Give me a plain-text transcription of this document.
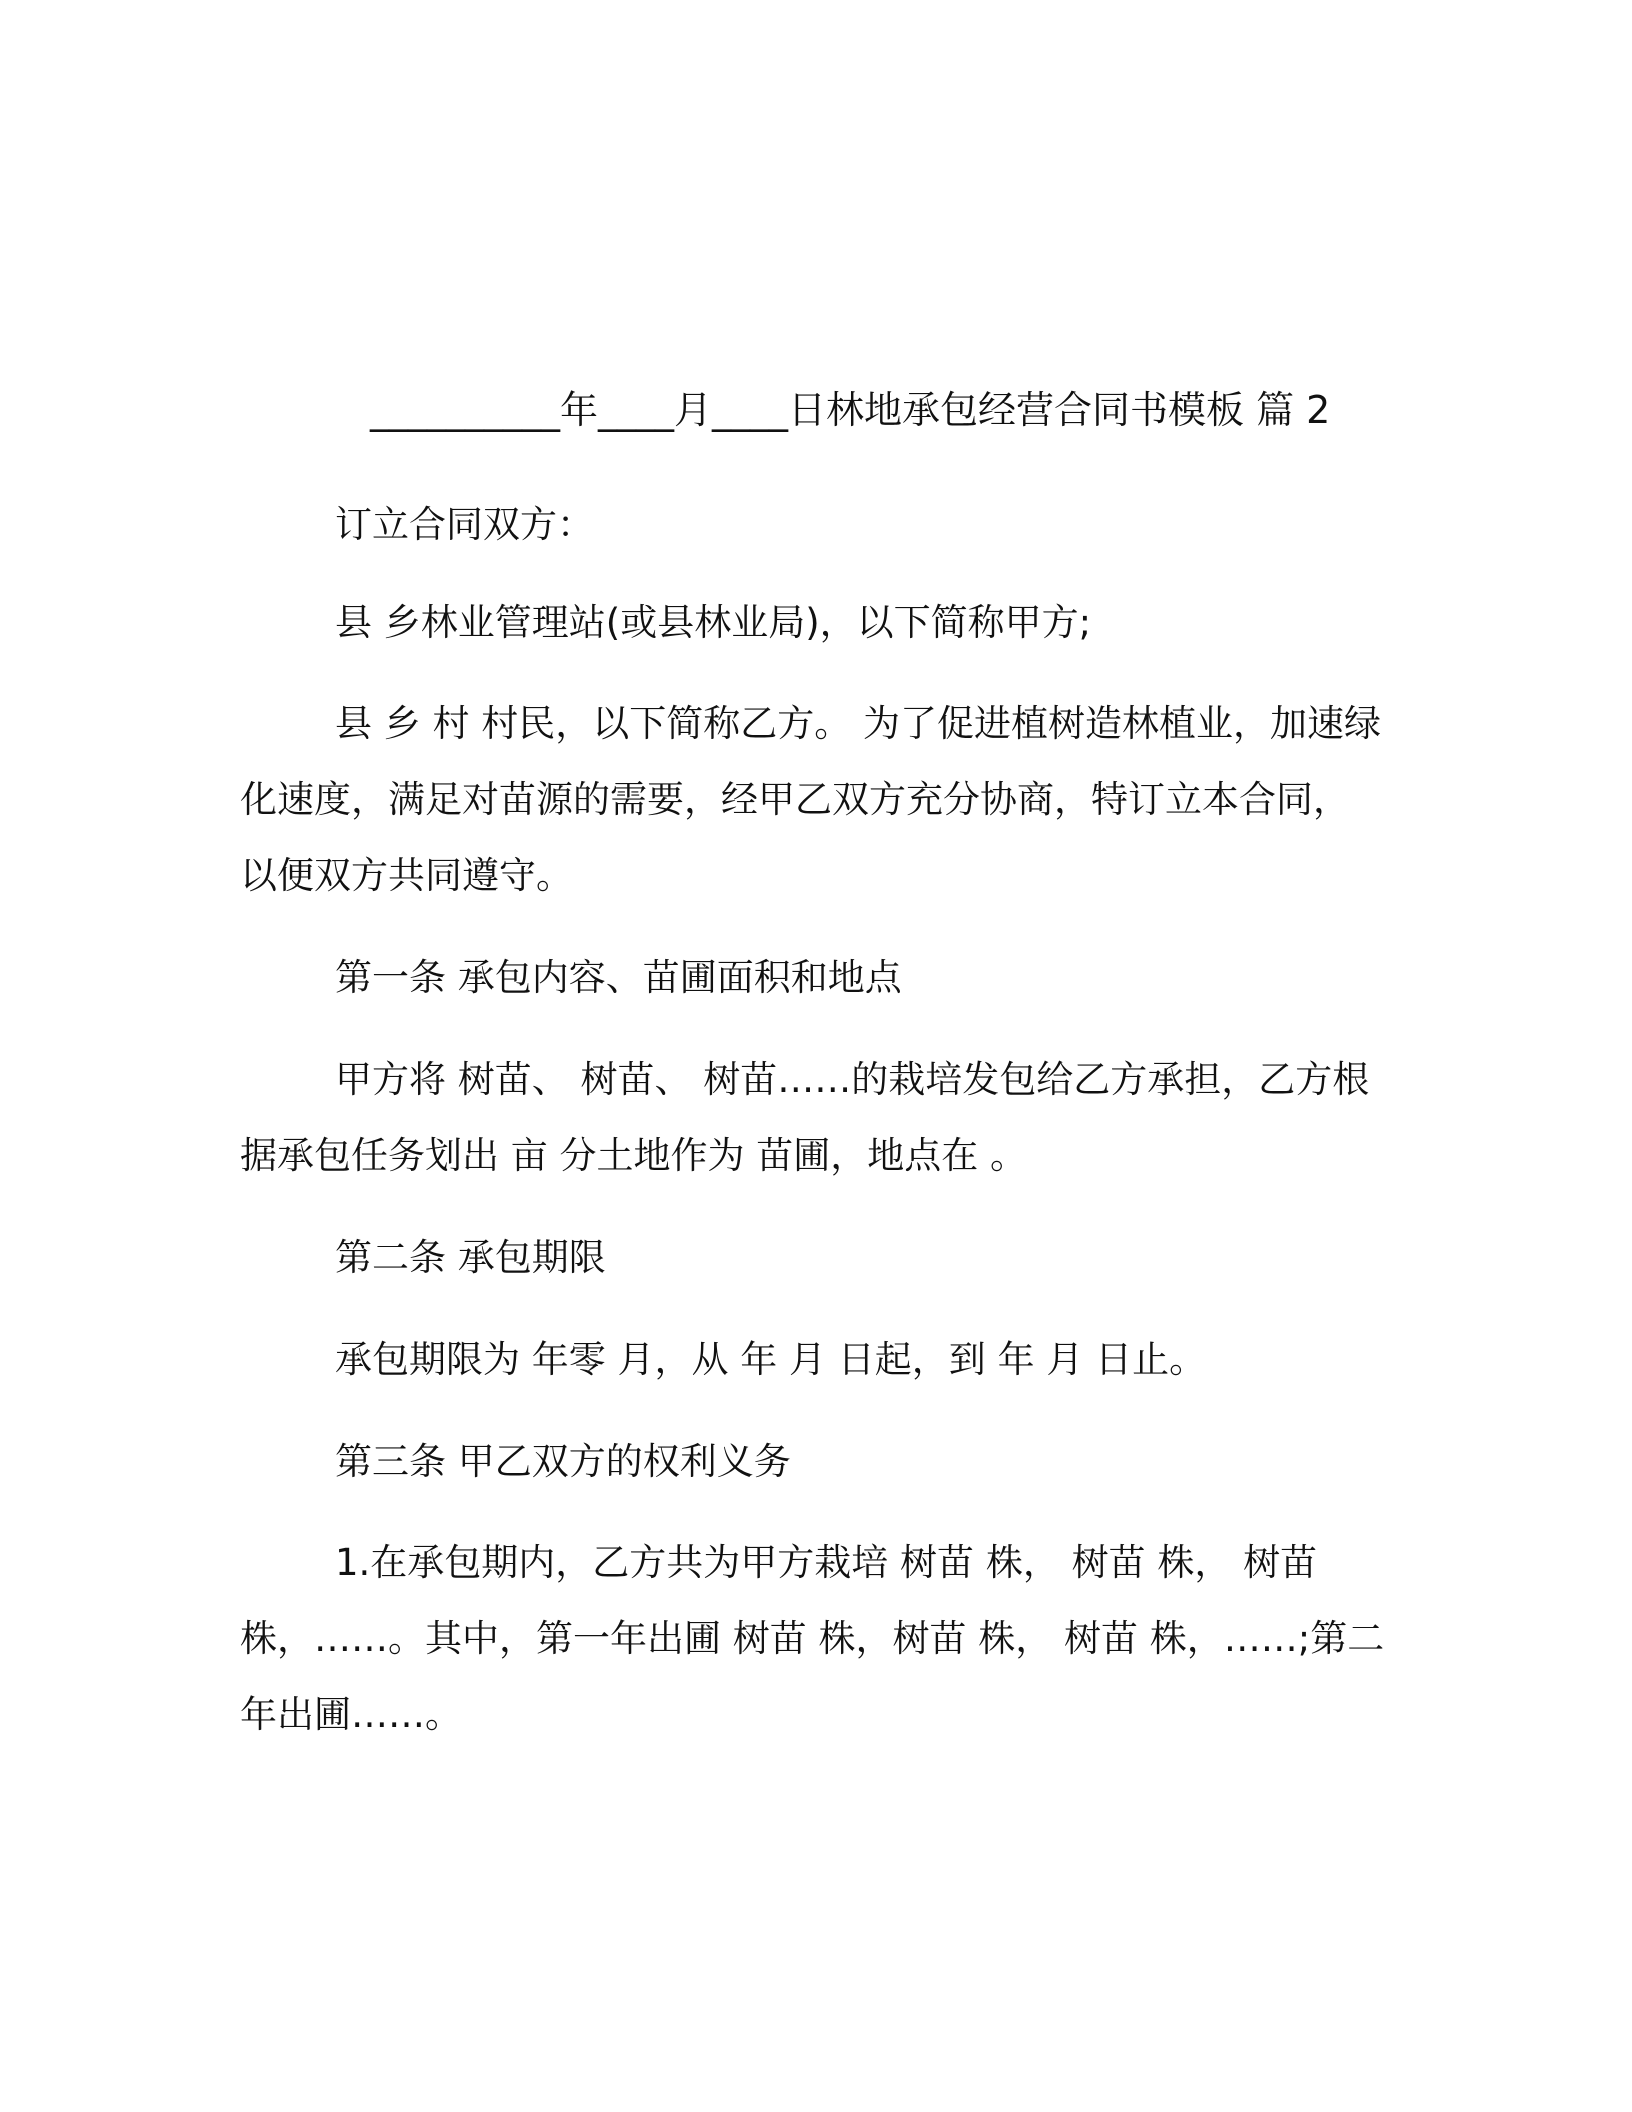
__________年____月____日林地承包经营合同书模板 篇 2
订立合同双方：
县 乡林业管理站(或县林业局)，以下简称甲方;
县 乡 村 村民，以下简称乙方。 为了促进植树造林植业，加速绿
化速度，满足对苗源的需要，经甲乙双方充分协商，特订立本合同，
以便双方共同遵守。
第一条 承包内容、苗圃面积和地点
甲方将 树苗、 树苗、 树苗……的栽培发包给乙方承担，乙方根
据承包任务划出 亩 分土地作为 苗圃，地点在 。
第二条 承包期限
承包期限为 年零 月，从 年 月 日起，到 年 月 日止。
第三条 甲乙双方的权利义务
1.在承包期内，乙方共为甲方栽培 树苗 株， 树苗 株， 树苗
株，……。其中，第一年出圃 树苗 株，树苗 株， 树苗 株，……;第二
年出圃……。
